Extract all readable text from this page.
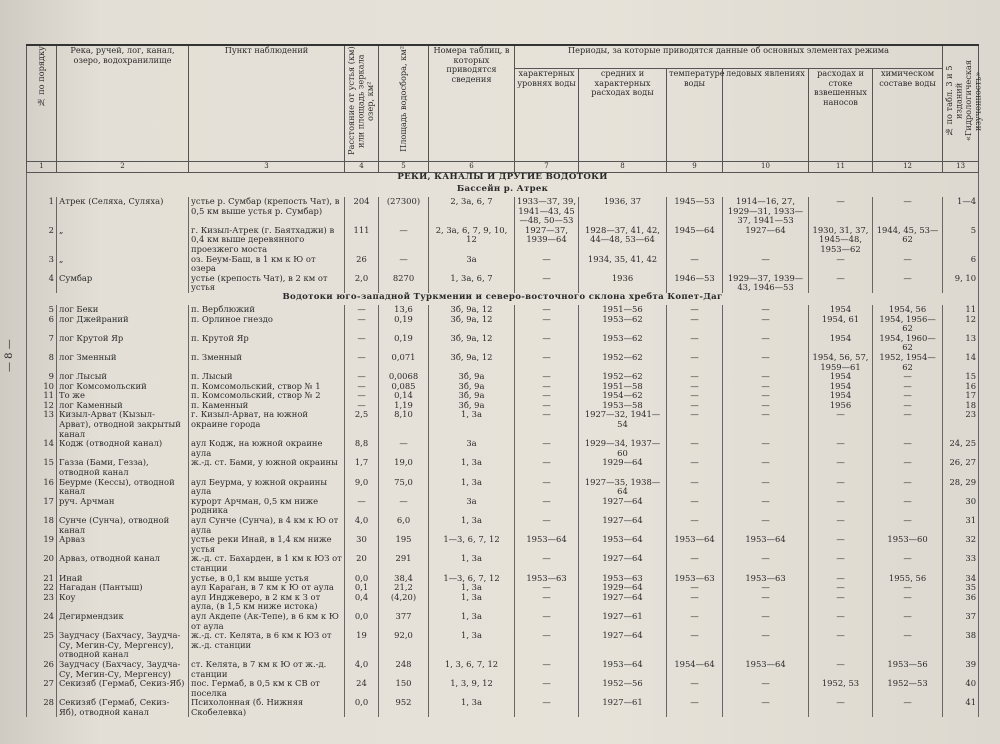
— 8 —
№ по порядку	Река, ручей, лог, канал, озеро, водохранилище	Пункт наблюдений	Расстояние от устья (км) или площадь зеркала озер, км²	Площадь водосбора, км²	Номера таблиц, в которых приводятся сведения	Периоды, за которые приводятся данные об основных элементах режима						№ по табл. 3 и 5 изданий «Гидрологическая изученность»

						характерных уровнях воды	средних и характерных расходах воды	температуре воды	ледовых явлениях	расходах и стоке взвешенных наносов	химическом составе воды	
1	2	3	4	5	6	7	8	9	10	11	12	13
РЕКИ, КАНАЛЫ И ДРУГИЕ ВОДОТОКИ												
Бассейн р. Атрек												
1	Атрек (Селяха, Суляха)	устье р. Сумбар (крепость Чат), в 0,5 км выше устья р. Сумбар)	204	(27300)	2, 3а, 6, 7	1933—37, 39, 1941—43, 45—48, 50—53	1936, 37	1945—53	1914—16, 27, 1929—31, 1933—37, 1941—53	—	—	1—4
2	„	г. Кизыл-Атрек (г. Баятхаджи) в 0,4 км выше деревянного проезжего моста	111	—	2, 3а, 6, 7, 9, 10, 12	1927—37, 1939—64	1928—37, 41, 42, 44—48, 53—64	1945—64	1927—64	1930, 31, 37, 1945—48, 1953—62	1944, 45, 53—62	5
3	„	оз. Беум-Баш, в 1 км к Ю от озера	26	—	3а	—	1934, 35, 41, 42	—	—	—	—	6
4	Сумбар	устье (крепость Чат), в 2 км от устья	2,0	8270	1, 3а, 6, 7	—	1936	1946—53	1929—37, 1939—43, 1946—53	—	—	9, 10
Водотоки юго-западной Туркмении и северо-восточного склона хребта Копет-Даг												
5	лог Беки	п. Верблюжий	—	13,6	3б, 9а, 12	—	1951—56	—	—	1954	1954, 56	11
6	лог Джейраний	п. Орлиное гнездо	—	0,19	3б, 9а, 12	—	1953—62	—	—	1954, 61	1954, 1956—62	12
7	лог Крутой Яр	п. Крутой Яр	—	0,19	3б, 9а, 12	—	1953—62	—	—	1954	1954, 1960—62	13
8	лог Зменный	п. Зменный	—	0,071	3б, 9а, 12	—	1952—62	—	—	1954, 56, 57, 1959—61	1952, 1954—62	14
9	лог Лысый	п. Лысый	—	0,0068	3б, 9а	—	1952—62	—	—	1954	—	15
10	лог Комсомольский	п. Комсомольский, створ № 1	—	0,085	3б, 9а	—	1951—58	—	—	1954	—	16
11	То же	п. Комсомольский, створ № 2	—	0,14	3б, 9а	—	1954—62	—	—	1954	—	17
12	лог Каменный	п. Каменный	—	1,19	3б, 9а	—	1953—58	—	—	1956	—	18
13	Кизыл-Арват (Кызыл-Арват), отводной закрытый канал	г. Кизыл-Арват, на южной окраине города	2,5	8,10	1, 3а	—	1927—32, 1941—54	—	—	—	—	23
14	Кодж (отводной канал)	аул Кодж, на южной окраине аула	8,8	—	3а	—	1929—34, 1937—60	—	—	—	—	24, 25
15	Газза (Бами, Гезза), отводной канал	ж.-д. ст. Бами, у южной окраины	1,7	19,0	1, 3а	—	1929—64	—	—	—	—	26, 27
16	Беурме (Кессы), отводной канал	аул Беурма, у южной окраины аула	9,0	75,0	1, 3а	—	1927—35, 1938—64	—	—	—	—	28, 29
17	руч. Арчман	курорт Арчман, 0,5 км ниже родника	—	—	3а	—	1927—64	—	—	—	—	30
18	Сунче (Сунча), отводной канал	аул Сунче (Сунча), в 4 км к Ю от аула	4,0	6,0	1, 3а	—	1927—64	—	—	—	—	31
19	Арваз	устье реки Инай, в 1,4 км ниже устья	30	195	1—3, 6, 7, 12	1953—64	1953—64	1953—64	1953—64	—	1953—60	32
20	Арваз, отводной канал	ж.-д. ст. Бахарден, в 1 км к ЮЗ от станции	20	291	1, 3а	—	1927—64	—	—	—	—	33
21	Инай	устье, в 0,1 км выше устья	0,0	38,4	1—3, 6, 7, 12	1953—63	1953—63	1953—63	1953—63	—	1955, 56	34
22	Нагадан (Пантыш)	аул Караган, в 7 км к Ю от аула	0,1	21,2	1, 3а	—	1929—64	—	—	—	—	35
23	Коу	аул Инджеверо, в 2 км к З от аула, (в 1,5 км ниже истока)	0,4	(4,20)	1, 3а	—	1927—64	—	—	—	—	36
24	Дегирмендзик	аул Акдепе (Ак-Тепе), в 6 км к Ю от аула	0,0	377	1, 3а	—	1927—61	—	—	—	—	37
25	Заудчасу (Бахчасу, Заудча-Су, Мегин-Су, Мергенсу), отводной канал	ж.-д. ст. Келята, в 6 км к ЮЗ от ж.-д. станции	19	92,0	1, 3а	—	1927—64	—	—	—	—	38
26	Заудчасу (Бахчасу, Заудча-Су, Мегин-Су, Мергенсу)	ст. Келята, в 7 км к Ю от ж.-д. станции	4,0	248	1, 3, 6, 7, 12	—	1953—64	1954—64	1953—64	—	1953—56	39
27	Секизяб (Гермаб, Секиз-Яб)	пос. Гермаб, в 0,5 км к СВ от поселка	24	150	1, 3, 9, 12	—	1952—56	—	—	1952, 53	1952—53	40
28	Секизяб (Гермаб, Секиз-Яб), отводной канал	Психолонная (б. Нижняя Скобелевка)	0,0	952	1, 3а	—	1927—61	—	—	—	—	41
